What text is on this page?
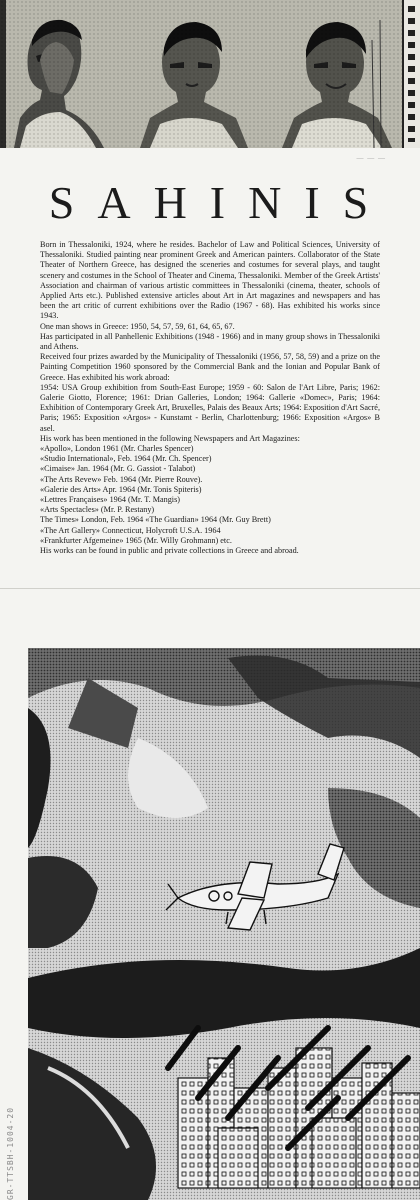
— — —
SAHINIS

Born in Thessaloniki, 1924, where he resides. Bachelor of Law and Political Sciences, University of Thessaloniki. Studied painting near prominent Greek and American painters. Collaborator of the State Theater of Northern Greece, has designed the sceneries and costumes for several plays, and taught scenery and costumes in the School of Theater and Cinema, Thessaloniki. Member of the Greek Artists' Association and chairman of various artistic committees in Thessaloniki (cinema, theater, schools of Applied Arts etc.). Published extensive articles about Art in Art magazines and newspapers and has been the art critic of current exhibitions over the Radio (1967 - 68). Has exhibited his works since 1943.

One man shows in Greece: 1950, 54, 57, 59, 61, 64, 65, 67.

Has participated in all Panhellenic Exhibitions (1948 - 1966) and in many group shows in Thessaloniki and Athens.

Received four prizes awarded by the Municipality of Thessaloniki (1956, 57, 58, 59) and a prize on the Painting Competition 1960 sponsored by the Commercial Bank and the Ionian and Popular Bank of Greece. Has exhibited his work abroad:

1954: USA Group exhibition from South-East Europe; 1959 - 60: Salon de l'Art Libre, Paris; 1962: Galerie Giotto, Florence; 1961: Drian Galleries, London; 1964: Gallerie «Domec», Paris; 1964: Exhibition of Contemporary Greek Art, Bruxelles, Palais des Beaux Arts; 1964: Exposition d'Art Sacré, Paris; 1965: Exposition «Argos» - Kunstamt - Berlin, Charlottenburg; 1966: Exposition «Argos» B asel.

His work has been mentioned in the following Newspapers and Art Magazines:

«Apollo», London 1961 (Mr. Charles Spencer)

«Studio International», Feb. 1964 (Mr. Ch. Spencer)

«Cimaise» Jan. 1964 (Mr. G. Gassiot - Talabot)

«The Arts Revew» Feb. 1964 (Mr. Pierre Rouve).

«Galerie des Arts» Apr. 1964 (Mr. Tonis Spiteris)

«Lettres Françaises» 1964 (Mr. T. Mangis)

«Arts Spectacles» (Mr. P. Restany)

The Times» London, Feb. 1964 «The Guardian» 1964 (Mr. Guy Brett)

«The Art Gallery» Connecticut, Holycroft U.S.A. 1964

«Frankfurter Afgemeine» 1965 (Mr. Willy Grohmann) etc.

His works can be found in public and private collections in Greece and abroad.

GR-TTSBH-1004-20
